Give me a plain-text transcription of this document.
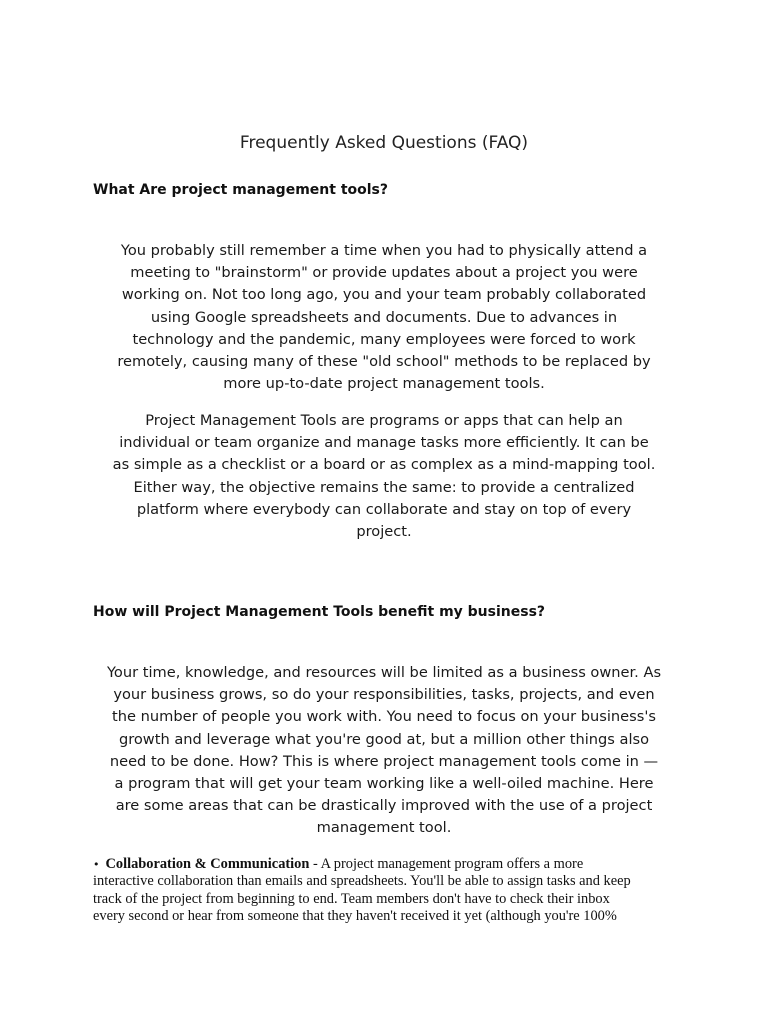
Frequently Asked Questions (FAQ)
What Are project management tools?
You probably still remember a time when you had to physically attend a
meeting to "brainstorm" or provide updates about a project you were
working on. Not too long ago, you and your team probably collaborated
using Google spreadsheets and documents. Due to advances in
technology and the pandemic, many employees were forced to work
remotely, causing many of these "old school" methods to be replaced by
more up-to-date project management tools.
Project Management Tools are programs or apps that can help an
individual or team organize and manage tasks more efficiently. It can be
as simple as a checklist or a board or as complex as a mind-mapping tool.
Either way, the objective remains the same: to provide a centralized
platform where everybody can collaborate and stay on top of every
project.
How will Project Management Tools benefit my business?
Your time, knowledge, and resources will be limited as a business owner. As
your business grows, so do your responsibilities, tasks, projects, and even
the number of people you work with. You need to focus on your business's
growth and leverage what you're good at, but a million other things also
need to be done. How? This is where project management tools come in —
a program that will get your team working like a well-oiled machine. Here
are some areas that can be drastically improved with the use of a project
management tool.
• Collaboration & Communication - A project management program offers a more
interactive collaboration than emails and spreadsheets. You'll be able to assign tasks and keep
track of the project from beginning to end. Team members don't have to check their inbox
every second or hear from someone that they haven't received it yet (although you're 100%
